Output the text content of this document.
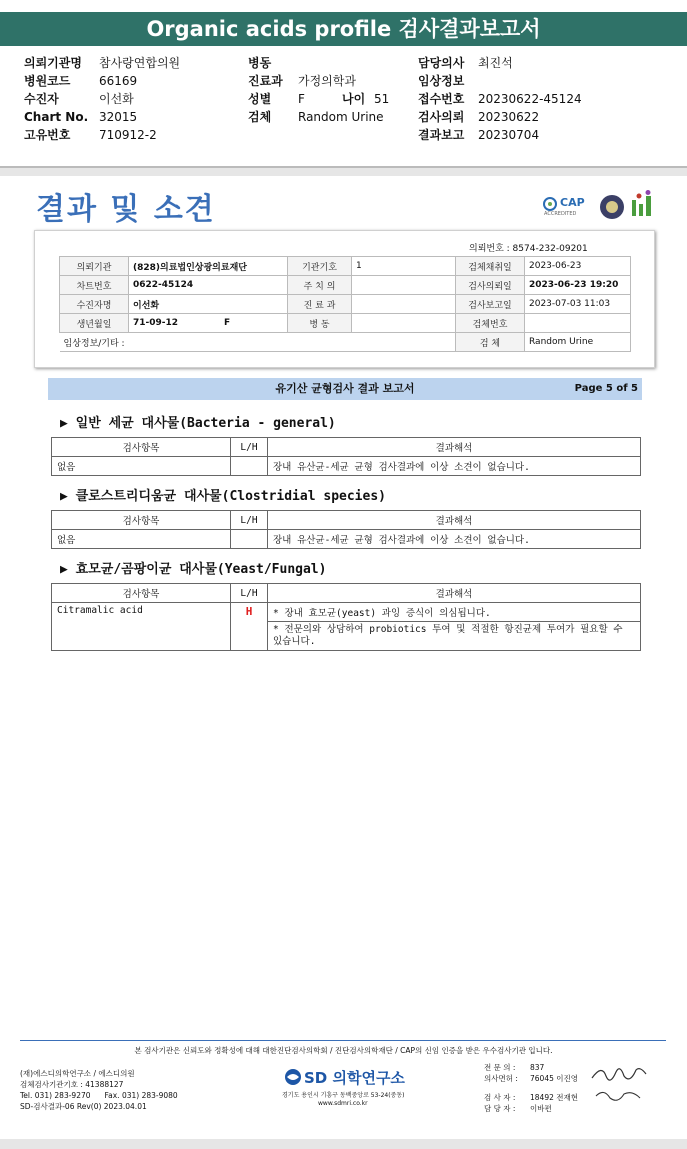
Organic acids profile 검사결과보고서
의뢰기관명 참사랑연합의원
병원코드 66169
수진자	이선화
Chart No. 32015
고유번호 710912-2
병동
진료과 가정의학과
성별 F	나이 51
검체 Random Urine
담당의사 최진석
임상정보
접수번호 20230622-45124
검사의뢰 20230622
결과보고 20230704
결과 및 소견	CAP
ACCREDITED
의뢰번호 : 8574-232-09201
의뢰기관	(828)의료법인상광의료재단	기관기호	1	검체채취일	2023-06-23
차트번호	0622-45124	주 치 의		검사의뢰일	2023-06-23 19:20
수진자명	이선화	진 료 과		검사보고일	2023-07-03 11:03
생년월일	71-09-12 F	병 동		검체번호	
임상정보/기타 :				검 체	Random Urine
유기산 균형검사 결과 보고서	Page 5 of 5
▶ 일반 세균 대사물(Bacteria - general)
검사항목	L/H	결과해석
없음		장내 유산균-세균 균형 검사결과에 이상 소견이 없습니다.
▶ 클로스트리디움균 대사물(Clostridial species)
검사항목	L/H	결과해석
없음		장내 유산균-세균 균형 검사결과에 이상 소견이 없습니다.
▶ 효모균/곰팡이균 대사물(Yeast/Fungal)
검사항목	L/H	결과해석
Citramalic acid	H	* 장내 효모균(yeast) 과잉 증식이 의심됩니다.
		* 전문의와 상담하여 probiotics 투여 및 적절한 항진균제 투여가 필요할 수 있습니다.
본 검사기관은 신뢰도와 정확성에 대해 대한진단검사의학회 / 진단검사의학재단 / CAP의 신임 인증을 받은 우수검사기관 입니다.
(재)에스디의학연구소 / 에스디의원
검체검사기관기호 : 41388127
Tel. 031) 283-9270 Fax. 031) 283-9080
SD-검사결과-06 Rev(0) 2023.04.01
SD 의학연구소
경기도 용인시 기흥구 동백중앙로 53-24(중동)
www.sdmri.co.kr
전 문 의 : 837
의사면허 : 76045 이진영
검 사 자 : 18492 전재현
담 당 자 : 이바편
